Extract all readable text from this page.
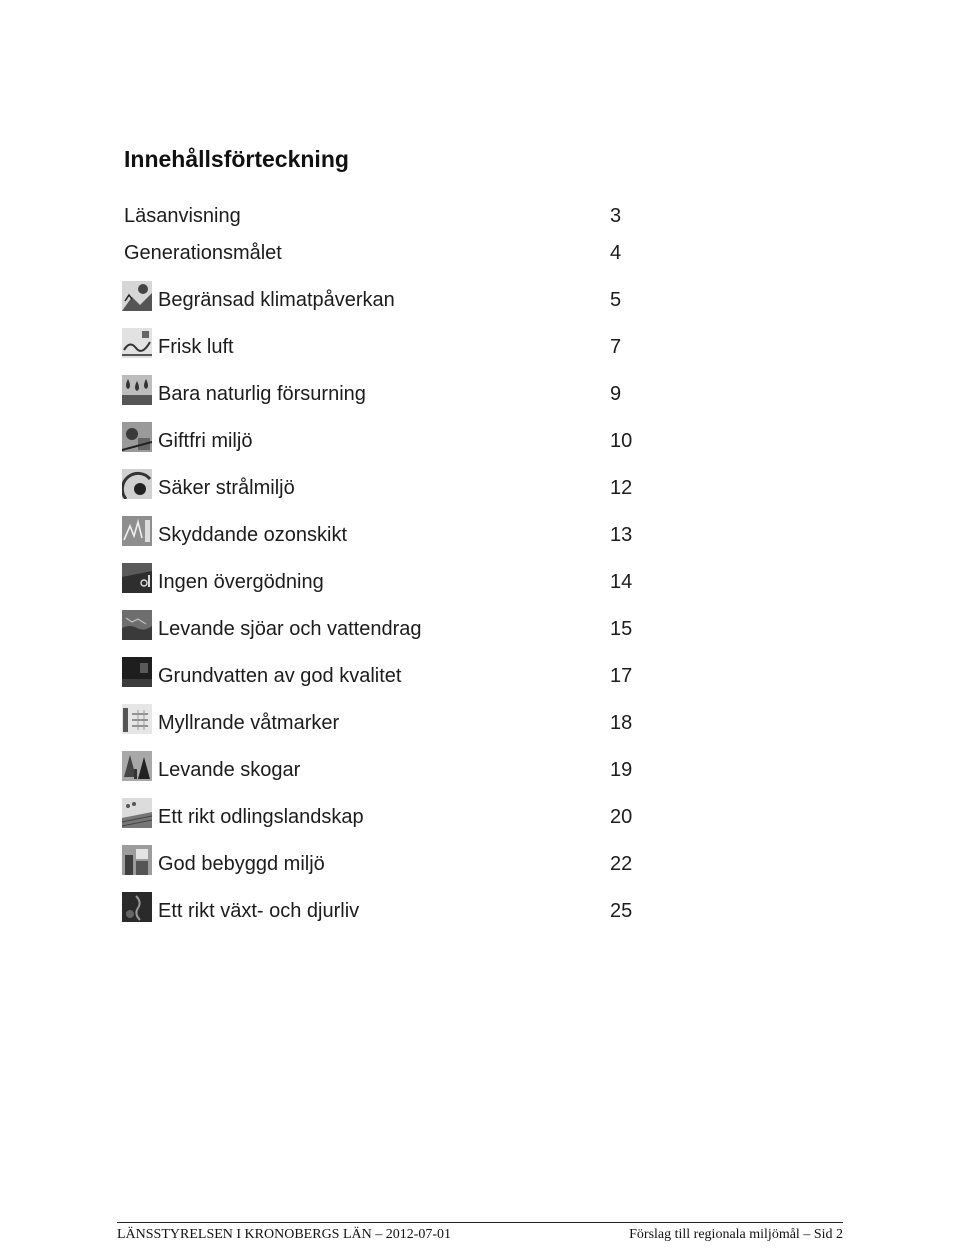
Innehållsförteckning
Läsanvisning	3
Generationsmålet	4
Begränsad klimatpåverkan	5
Frisk luft	7
Bara naturlig försurning	9
Giftfri miljö	10
Säker strålmiljö	12
Skyddande ozonskikt	13
Ingen övergödning	14
Levande sjöar och vattendrag	15
Grundvatten av god kvalitet	17
Myllrande våtmarker	18
Levande skogar	19
Ett rikt odlingslandskap	20
God bebyggd miljö	22
Ett rikt växt- och djurliv	25
LÄNSSTYRELSEN I KRONOBERGS LÄN – 2012-07-01	Förslag till regionala miljömål – Sid 2
